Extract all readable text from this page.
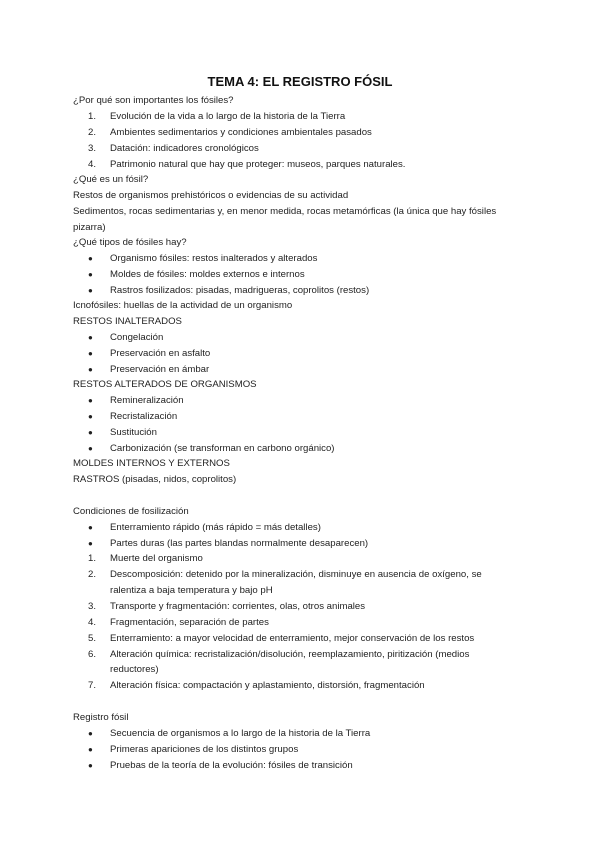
TEMA 4: EL REGISTRO FÓSIL
¿Por qué son importantes los fósiles?
1.	Evolución de la vida a lo largo de la historia de la Tierra
2.	Ambientes sedimentarios y condiciones ambientales pasados
3.	Datación: indicadores cronológicos
4.	Patrimonio natural que hay que proteger: museos, parques naturales.
¿Qué es un fósil?
Restos de organismos prehistóricos o evidencias de su actividad
Sedimentos, rocas sedimentarias y, en menor medida, rocas metamórficas (la única que hay fósiles
pizarra)
¿Qué tipos de fósiles hay?
●	Organismo fósiles: restos inalterados y alterados
●	Moldes de fósiles: moldes externos e internos
●	Rastros fosilizados: pisadas, madrigueras, coprolitos (restos)
Icnofósiles: huellas de la actividad de un organismo
RESTOS INALTERADOS
●	Congelación
●	Preservación en asfalto
●	Preservación en ámbar
RESTOS ALTERADOS DE ORGANISMOS
●	Remineralización
●	Recristalización
●	Sustitución
●	Carbonización (se transforman en carbono orgánico)
MOLDES INTERNOS Y EXTERNOS
RASTROS (pisadas, nidos, coprolitos)
Condiciones de fosilización
●	Enterramiento rápido (más rápido = más detalles)
●	Partes duras (las partes blandas normalmente desaparecen)
1.	Muerte del organismo
2.	Descomposición: detenido por la mineralización, disminuye en ausencia de oxígeno, se
ralentiza a baja temperatura y bajo pH
3.	Transporte y fragmentación: corrientes, olas, otros animales
4.	Fragmentación, separación de partes
5.	Enterramiento: a mayor velocidad de enterramiento, mejor conservación de los restos
6.	Alteración química: recristalización/disolución, reemplazamiento, piritización (medios
reductores)
7.	Alteración física: compactación y aplastamiento, distorsión, fragmentación
Registro fósil
●	Secuencia de organismos a lo largo de la historia de la Tierra
●	Primeras apariciones de los distintos grupos
●	Pruebas de la teoría de la evolución: fósiles de transición
